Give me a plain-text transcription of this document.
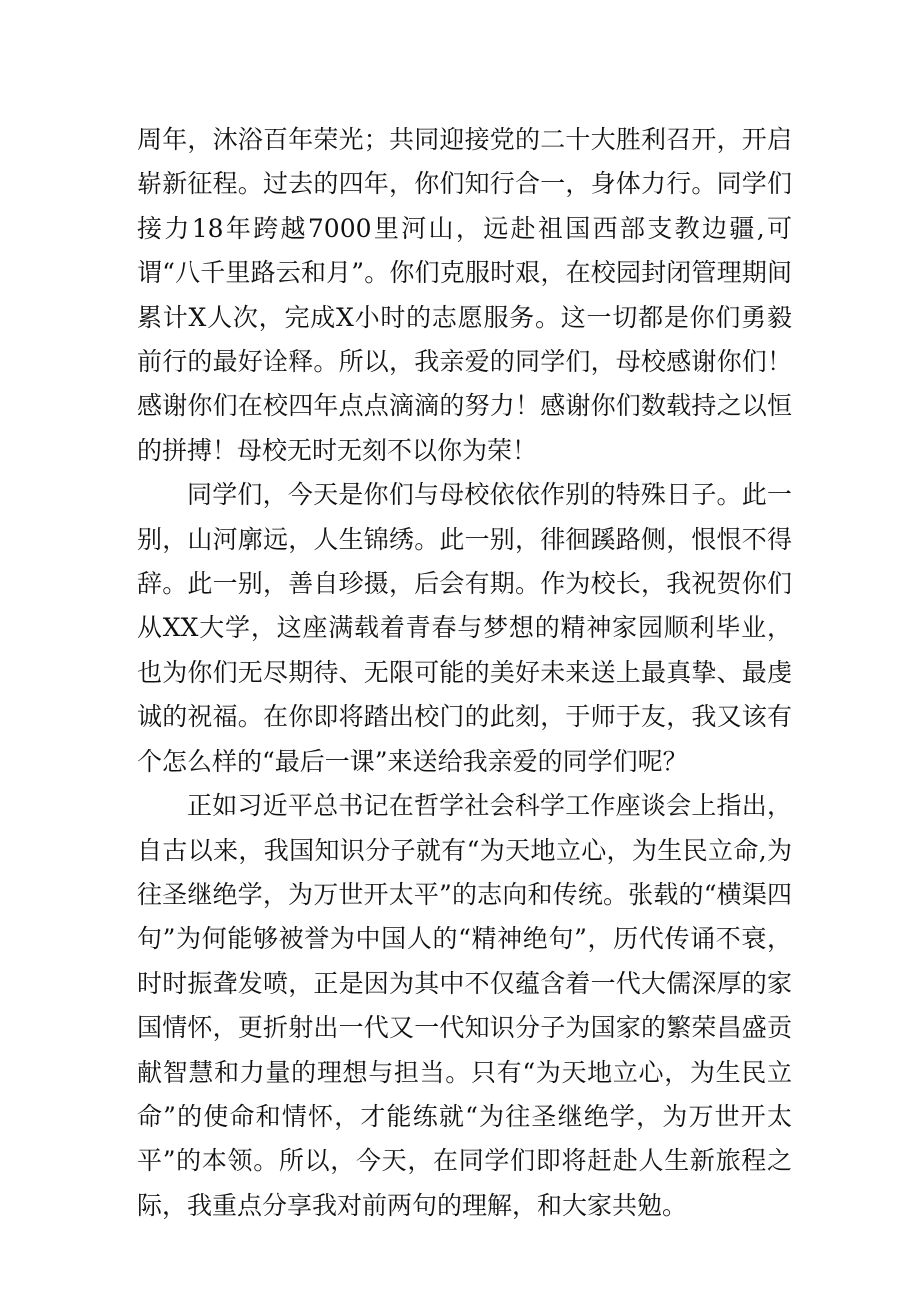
周年，沐浴百年荣光；共同迎接党的二十大胜利召开，开启崭新征程。过去的四年，你们知行合一，身体力行。同学们接力18年跨越7000里河山，远赴祖国西部支教边疆,可谓“八千里路云和月”。你们克服时艰，在校园封闭管理期间累计X人次，完成X小时的志愿服务。这一切都是你们勇毅前行的最好诠释。所以，我亲爱的同学们，母校感谢你们！感谢你们在校四年点点滴滴的努力！感谢你们数载持之以恒的拼搏！母校无时无刻不以你为荣！

同学们，今天是你们与母校依依作别的特殊日子。此一别，山河廓远，人生锦绣。此一别，徘徊蹊路侧，恨恨不得辞。此一别，善自珍摄，后会有期。作为校长，我祝贺你们从XX大学，这座满载着青春与梦想的精神家园顺利毕业，也为你们无尽期待、无限可能的美好未来送上最真挚、最虔诚的祝福。在你即将踏出校门的此刻，于师于友，我又该有个怎么样的“最后一课”来送给我亲爱的同学们呢？

正如习近平总书记在哲学社会科学工作座谈会上指出，自古以来，我国知识分子就有“为天地立心，为生民立命,为往圣继绝学，为万世开太平”的志向和传统。张载的“横渠四句”为何能够被誉为中国人的“精神绝句”，历代传诵不衰，时时振聋发喷，正是因为其中不仅蕴含着一代大儒深厚的家国情怀，更折射出一代又一代知识分子为国家的繁荣昌盛贡献智慧和力量的理想与担当。只有“为天地立心，为生民立命”的使命和情怀，才能练就“为往圣继绝学，为万世开太平”的本领。所以，今天，在同学们即将赶赴人生新旅程之际，我重点分享我对前两句的理解，和大家共勉。
